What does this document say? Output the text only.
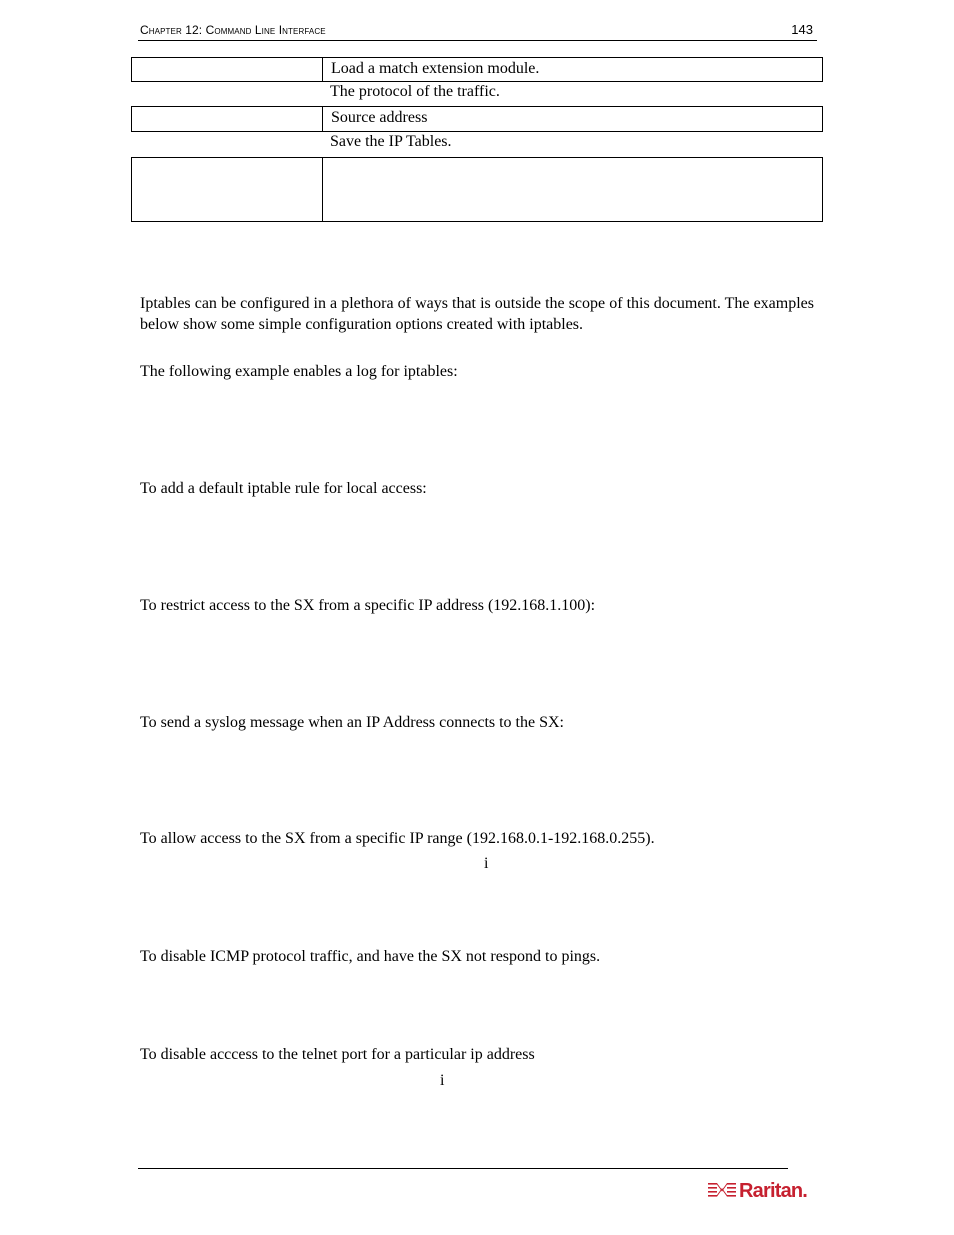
Chapter 12: Command Line Interface	143
Load a match extension module.
The protocol of the traffic.
Source address
Save the IP Tables.
Iptables can be configured in a plethora of ways that is outside the scope of this document. The examples below show some simple configuration options created with iptables.
The following example enables a log for iptables:
To add a default iptable rule for local access:
To restrict access to the SX from a specific IP address (192.168.1.100):
To send a syslog message when an IP Address connects to the SX:
To allow access to the SX from a specific IP range (192.168.0.1-192.168.0.255).
i
To disable ICMP protocol traffic, and have the SX not respond to pings.
To disable acccess to the telnet port for a particular ip address
i
Raritan.
